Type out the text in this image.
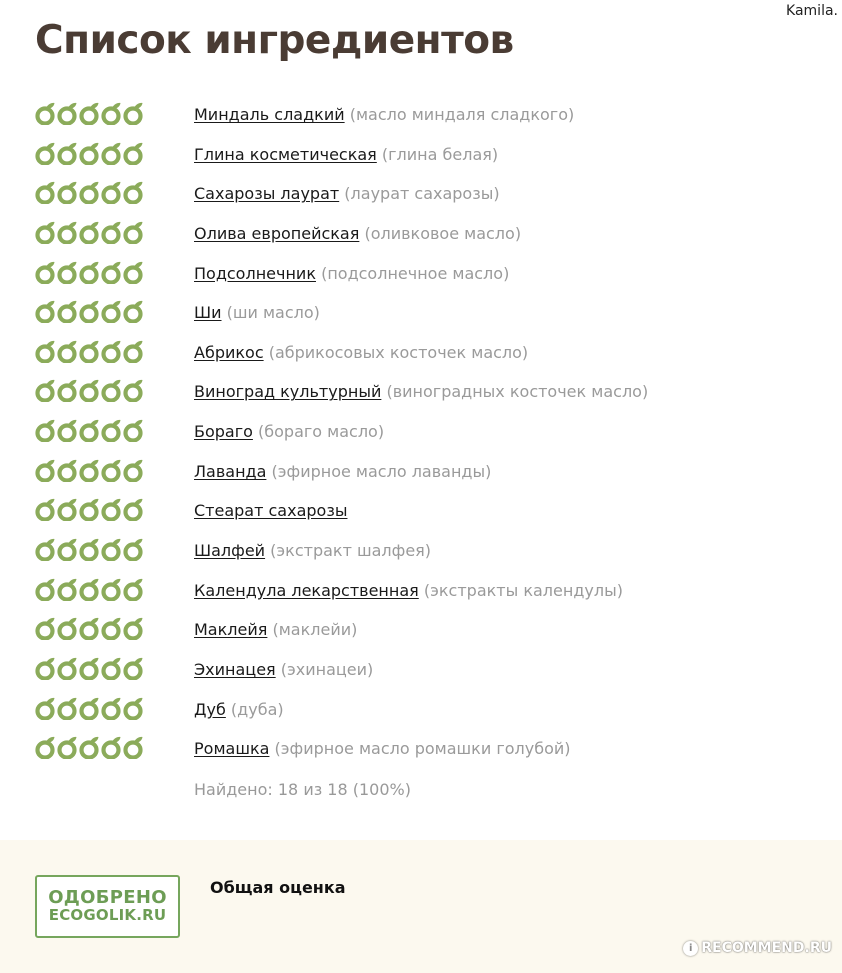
Kamila.
Список ингредиентов
Миндаль сладкий (масло миндаля сладкого)
Глина косметическая (глина белая)
Сахарозы лаурат (лаурат сахарозы)
Олива европейская (оливковое масло)
Подсолнечник (подсолнечное масло)
Ши (ши масло)
Абрикос (абрикосовых косточек масло)
Виноград культурный (виноградных косточек масло)
Бораго (бораго масло)
Лаванда (эфирное масло лаванды)
Стеарат сахарозы
Шалфей (экстракт шалфея)
Календула лекарственная (экстракты календулы)
Маклейя (маклейи)
Эхинацея (эхинацеи)
Дуб (дуба)
Ромашка (эфирное масло ромашки голубой)
Найдено: 18 из 18 (100%)
ОДОБРЕНО
ECOGOLIK.RU
Общая оценка
i RECOMMEND.RU
